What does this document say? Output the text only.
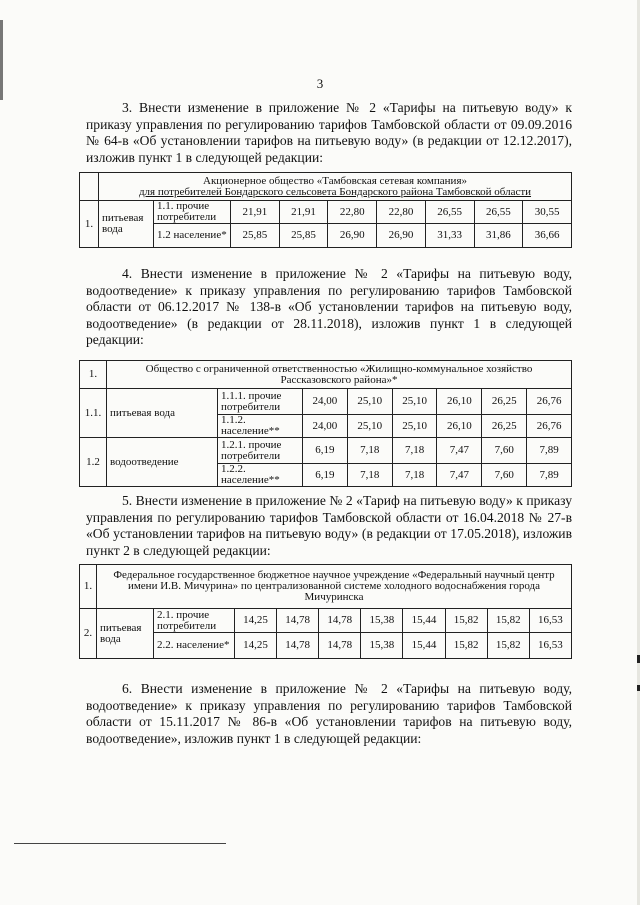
3
3. Внести изменение в приложение № 2 «Тарифы на питьевую воду» к приказу управления по регулированию тарифов Тамбовской области от 09.09.2016 № 64-в «Об установлении тарифов на питьевую воду» (в редакции от 12.12.2017), изложив пункт 1 в следующей редакции:
	Акционерное общество «Тамбовская сетевая компания»
для потребителей Бондарского сельсовета Бондарского района Тамбовской области								
1.	питьевая вода	1.1. прочие потребители	21,91	21,91	22,80	22,80	26,55	26,55	30,55
		1.2 население*	25,85	25,85	26,90	26,90	31,33	31,86	36,66
4. Внести изменение в приложение № 2 «Тарифы на питьевую воду, водоотведение» к приказу управления по регулированию тарифов Тамбовской области от 06.12.2017 № 138-в «Об установлении тарифов на питьевую воду, водоотведение» (в редакции от 28.11.2018), изложив пункт 1 в следующей редакции:
1.	Общество с ограниченной ответственностью «Жилищно-коммунальное хозяйство Рассказовского района»*							
1.1.	питьевая вода	1.1.1. прочие потребители	24,00	25,10	25,10	26,10	26,25	26,76
		1.1.2. население**	24,00	25,10	25,10	26,10	26,25	26,76
1.2	водоотведение	1.2.1. прочие потребители	6,19	7,18	7,18	7,47	7,60	7,89
		1.2.2. население**	6,19	7,18	7,18	7,47	7,60	7,89
5. Внести изменение в приложение № 2 «Тариф на питьевую воду» к приказу управления по регулированию тарифов Тамбовской области от 16.04.2018 № 27-в «Об установлении тарифов на питьевую воду» (в редакции от 17.05.2018), изложив пункт 2 в следующей редакции:
1.	Федеральное государственное бюджетное научное учреждение «Федеральный научный центр имени И.В. Мичурина» по централизованной системе холодного водоснабжения города Мичуринска									
2.	питьевая вода	2.1. прочие потребители	14,25	14,78	14,78	15,38	15,44	15,82	15,82	16,53
		2.2. население*	14,25	14,78	14,78	15,38	15,44	15,82	15,82	16,53
6. Внести изменение в приложение № 2 «Тарифы на питьевую воду, водоотведение» к приказу управления по регулированию тарифов Тамбовской области от 15.11.2017 № 86-в «Об установлении тарифов на питьевую воду, водоотведение», изложив пункт 1 в следующей редакции:
